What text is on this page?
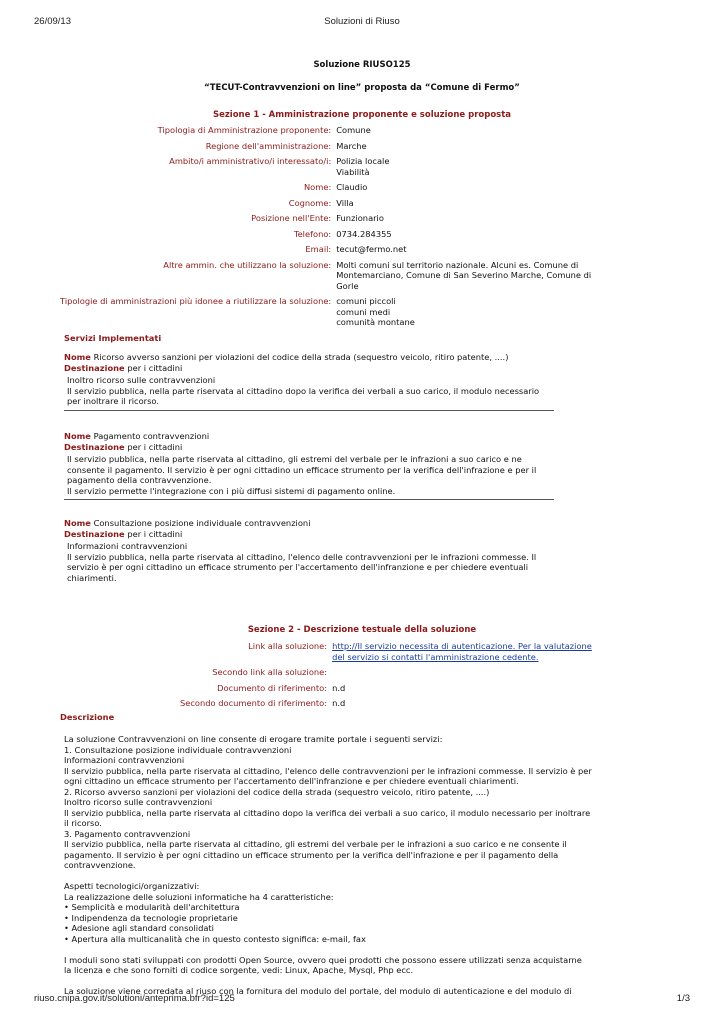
26/09/13	Soluzioni di Riuso
Soluzione RIUSO125
“TECUT-Contravvenzioni on line” proposta da “Comune di Fermo”
Sezione 1 - Amministrazione proponente e soluzione proposta
Tipologia di Amministrazione proponente:	Comune

Regione dell'amministrazione:	Marche

Ambito/i amministrativo/i interessato/i:	Polizia locale
Viabilità

Nome:	Claudio

Cognome:	Villa

Posizione nell'Ente:	Funzionario

Telefono:	0734.284355

Email:	tecut@fermo.net

Altre ammin. che utilizzano la soluzione:	Molti comuni sul territorio nazionale. Alcuni es. Comune di
Montemarciano, Comune di San Severino Marche, Comune di
Gorle

Tipologie di amministrazioni più idonee a riutilizzare la soluzione:	comuni piccoli
comuni medi
comunità montane
Servizi Implementati
Nome Ricorso avverso sanzioni per violazioni del codice della strada (sequestro veicolo, ritiro patente, ....)
Destinazione per i cittadini
Inoltro ricorso sulle contravvenzioni
Il servizio pubblica, nella parte riservata al cittadino dopo la verifica dei verbali a suo carico, il modulo necessario
per inoltrare il ricorso.
Nome Pagamento contravvenzioni
Destinazione per i cittadini
Il servizio pubblica, nella parte riservata al cittadino, gli estremi del verbale per le infrazioni a suo carico e ne
consente il pagamento. Il servizio è per ogni cittadino un efficace strumento per la verifica dell'infrazione e per il
pagamento della contravvenzione.
Il servizio permette l'integrazione con i più diffusi sistemi di pagamento online.
Nome Consultazione posizione individuale contravvenzioni
Destinazione per i cittadini
Informazioni contravvenzioni
Il servizio pubblica, nella parte riservata al cittadino, l'elenco delle contravvenzioni per le infrazioni commesse. Il
servizio è per ogni cittadino un efficace strumento per l'accertamento dell'infranzione e per chiedere eventuali
chiarimenti.
Sezione 2 - Descrizione testuale della soluzione
Link alla soluzione:	http://Il servizio necessita di autenticazione. Per la valutazione
del servizio si contatti l'amministrazione cedente.
Secondo link alla soluzione:	
Documento di riferimento:	n.d
Secondo documento di riferimento:	n.d
Descrizione

La soluzione Contravvenzioni on line consente di erogare tramite portale i seguenti servizi:
1. Consultazione posizione individuale contravvenzioni
Informazioni contravvenzioni
Il servizio pubblica, nella parte riservata al cittadino, l'elenco delle contravvenzioni per le infrazioni commesse. Il servizio è per
ogni cittadino un efficace strumento per l'accertamento dell'infranzione e per chiedere eventuali chiarimenti.
2. Ricorso avverso sanzioni per violazioni del codice della strada (sequestro veicolo, ritiro patente, ....)
Inoltro ricorso sulle contravvenzioni
Il servizio pubblica, nella parte riservata al cittadino dopo la verifica dei verbali a suo carico, il modulo necessario per inoltrare
il ricorso.
3. Pagamento contravvenzioni
Il servizio pubblica, nella parte riservata al cittadino, gli estremi del verbale per le infrazioni a suo carico e ne consente il
pagamento. Il servizio è per ogni cittadino un efficace strumento per la verifica dell'infrazione e per il pagamento della
contravvenzione.

Aspetti tecnologici/organizzativi:
La realizzazione delle soluzioni informatiche ha 4 caratteristiche:
• Semplicità e modularità dell'architettura
• Indipendenza da tecnologie proprietarie
• Adesione agli standard consolidati
• Apertura alla multicanalità che in questo contesto significa: e-mail, fax

I moduli sono stati sviluppati con prodotti Open Source, ovvero quei prodotti che possono essere utilizzati senza acquistarne
la licenza e che sono forniti di codice sorgente, vedi: Linux, Apache, Mysql, Php ecc.

La soluzione viene corredata al riuso con la fornitura del modulo del portale, del modulo di autenticazione e del modulo di

riuso.cnipa.gov.it/solutioni/anteprima.bfr?id=125	1/3
